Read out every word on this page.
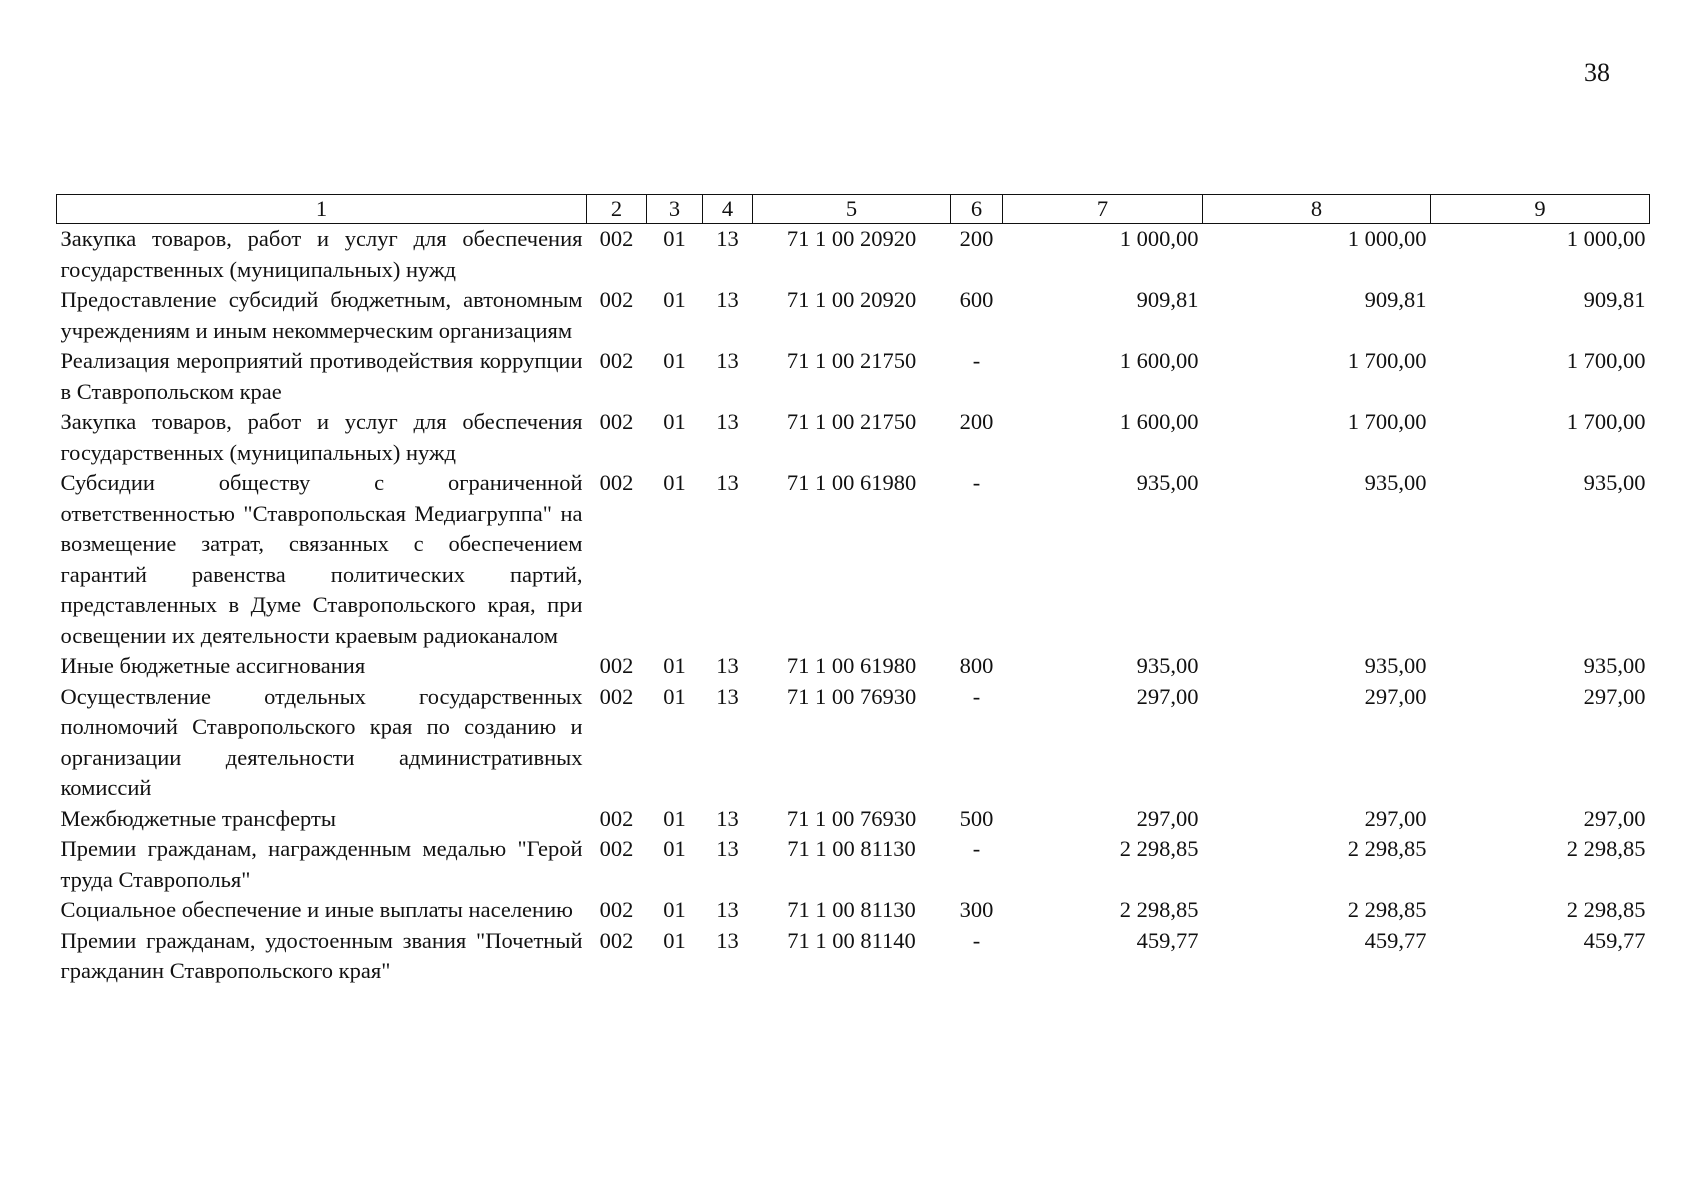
38
1	2	3	4	5	6	7	8	9
Закупка товаров, работ и услуг для обеспечения государственных (муниципальных) нужд	002	01	13	71 1 00 20920	200	1 000,00	1 000,00	1 000,00
Предоставление субсидий бюджетным, автономным учреждениям и иным некоммерческим организациям	002	01	13	71 1 00 20920	600	909,81	909,81	909,81
Реализация мероприятий противодействия коррупции в Ставропольском крае	002	01	13	71 1 00 21750	-	1 600,00	1 700,00	1 700,00
Закупка товаров, работ и услуг для обеспечения государственных (муниципальных) нужд	002	01	13	71 1 00 21750	200	1 600,00	1 700,00	1 700,00
Субсидии обществу с ограниченной ответственностью "Ставропольская Медиагруппа" на возмещение затрат, связанных с обеспечением гарантий равенства политических партий, представленных в Думе Ставропольского края, при освещении их деятельности краевым радиоканалом	002	01	13	71 1 00 61980	-	935,00	935,00	935,00
Иные бюджетные ассигнования	002	01	13	71 1 00 61980	800	935,00	935,00	935,00
Осуществление отдельных государственных полномочий Ставропольского края по созданию и организации деятельности административных комиссий	002	01	13	71 1 00 76930	-	297,00	297,00	297,00
Межбюджетные трансферты	002	01	13	71 1 00 76930	500	297,00	297,00	297,00
Премии гражданам, награжденным медалью "Герой труда Ставрополья"	002	01	13	71 1 00 81130	-	2 298,85	2 298,85	2 298,85
Социальное обеспечение и иные выплаты населению	002	01	13	71 1 00 81130	300	2 298,85	2 298,85	2 298,85
Премии гражданам, удостоенным звания "Почетный гражданин Ставропольского края"	002	01	13	71 1 00 81140	-	459,77	459,77	459,77
